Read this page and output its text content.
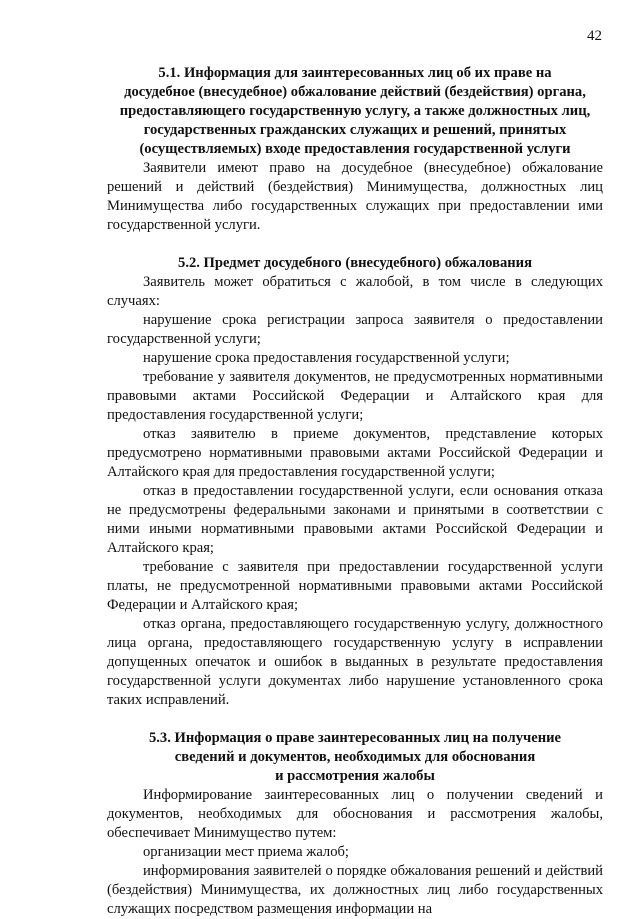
42
5.1. Информация для заинтересованных лиц об их праве на
досудебное (внесудебное) обжалование действий (бездействия) органа,
предоставляющего государственную услугу, а также должностных лиц,
государственных гражданских служащих и решений, принятых
(осуществляемых) входе предоставления государственной услуги

Заявители имеют право на досудебное (внесудебное) обжалование решений и действий (бездействия) Минимущества, должностных лиц Минимущества либо государственных служащих при предоставлении ими государственной услуги.

5.2. Предмет досудебного (внесудебного) обжалования

Заявитель может обратиться с жалобой, в том числе в следующих случаях:

нарушение срока регистрации запроса заявителя о предоставлении государственной услуги;

нарушение срока предоставления государственной услуги;

требование у заявителя документов, не предусмотренных нормативными правовыми актами Российской Федерации и Алтайского края для предоставления государственной услуги;

отказ заявителю в приеме документов, представление которых предусмотрено нормативными правовыми актами Российской Федерации и Алтайского края для предоставления государственной услуги;

отказ в предоставлении государственной услуги, если основания отказа не предусмотрены федеральными законами и принятыми в соответствии с ними иными нормативными правовыми актами Российской Федерации и Алтайского края;

требование с заявителя при предоставлении государственной услуги платы, не предусмотренной нормативными правовыми актами Российской Федерации и Алтайского края;

отказ органа, предоставляющего государственную услугу, должностного лица органа, предоставляющего государственную услугу в исправлении допущенных опечаток и ошибок в выданных в результате предоставления государственной услуги документах либо нарушение установленного срока таких исправлений.

5.3. Информация о праве заинтересованных лиц на получение
сведений и документов, необходимых для обоснования
и рассмотрения жалобы

Информирование заинтересованных лиц о получении сведений и документов, необходимых для обоснования и рассмотрения жалобы, обеспечивает Минимущество путем:

организации мест приема жалоб;

информирования заявителей о порядке обжалования решений и действий (бездействия) Минимущества, их должностных лиц либо государственных служащих посредством размещения информации на
